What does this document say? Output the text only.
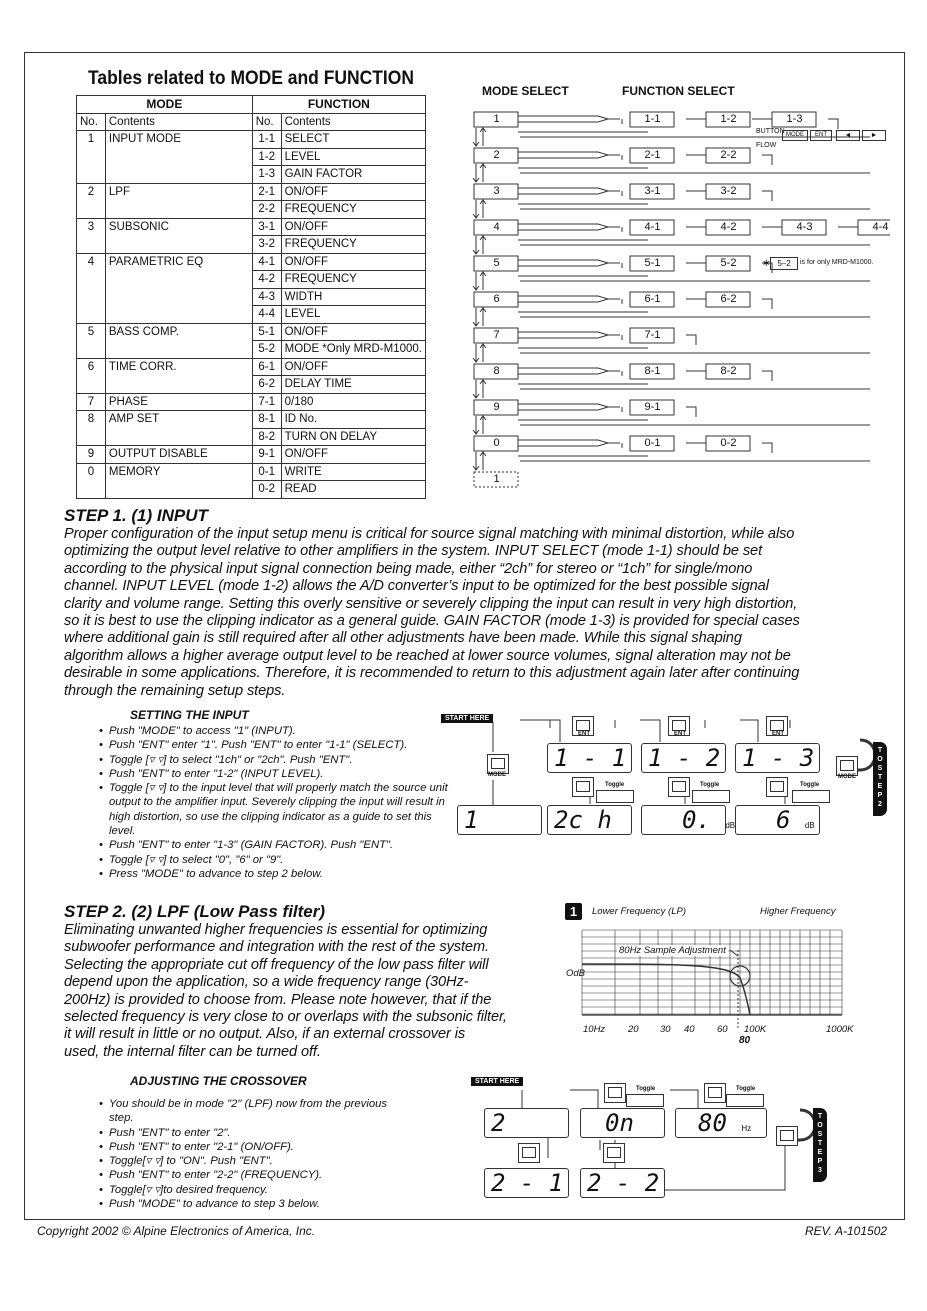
Tables related to MODE and FUNCTION
MODE		FUNCTION	
No.	Contents	No.	Contents
1	INPUT MODE	1-1	SELECT
		1-2	LEVEL
		1-3	GAIN FACTOR
2	LPF	2-1	ON/OFF
		2-2	FREQUENCY
3	SUBSONIC	3-1	ON/OFF
		3-2	FREQUENCY
4	PARAMETRIC EQ	4-1	ON/OFF
		4-2	FREQUENCY
		4-3	WIDTH
		4-4	LEVEL
5	BASS COMP.	5-1	ON/OFF
		5-2	MODE *Only MRD-M1000.
6	TIME CORR.	6-1	ON/OFF
		6-2	DELAY TIME
7	PHASE	7-1	0/180
8	AMP SET	8-1	ID No.
		8-2	TURN ON DELAY
9	OUTPUT DISABLE	9-1	ON/OFF
0	MEMORY	0-1	WRITE
		0-2	READ
MODE SELECT	FUNCTION SELECT
1	1-1	1-2	1-3
2	2-1	2-2
3	3-1	3-2
4	4-1	4-2	4-3	4-4
5	5-1	5-2
6	6-1	6-2
7	7-1
8	8-1	8-2
9	9-1
0	0-1	0-2
1
BUTTON
FLOW
MODE	ENT	◄	►
∗ 5–2	is for only MRD-M1000.
STEP 1. (1) INPUT
Proper configuration of the input setup menu is critical for source signal matching with minimal distortion, while also
optimizing the output level relative to other amplifiers in the system. INPUT SELECT (mode 1-1) should be set
according to the physical input signal connection being made, either “2ch” for stereo or “1ch” for single/mono
channel. INPUT LEVEL (mode 1-2) allows the A/D converter’s input to be optimized for the best possible signal
clarity and volume range. Setting this overly sensitive or severely clipping the input can result in very high distortion,
so it is best to use the clipping indicator as a general guide. GAIN FACTOR (mode 1-3) is provided for special cases
where additional gain is still required after all other adjustments have been made. While this signal shaping
algorithm allows a higher average output level to be reached at lower source volumes, signal alteration may not be
desirable in some applications. Therefore, it is recommended to return to this adjustment again later after continuing
through the remaining setup steps.
SETTING THE INPUT
• Push "MODE" to access "1" (INPUT).
• Push "ENT" enter "1". Push "ENT" to enter "1-1" (SELECT).
• Toggle [▿ ▿] to select "1ch" or "2ch". Push "ENT".
• Push "ENT" to enter "1-2" (INPUT LEVEL).
• Toggle [▿ ▿] to the input level that will properly match the source unit output to the amplifier input. Severely clipping the input will result in high distortion, so use the clipping indicator as a guide to set this level.
• Push "ENT" to enter "1-3" (GAIN FACTOR). Push "ENT".
• Toggle [▿ ▿] to select "0", "6" or "9".
• Press "MODE" to advance to step 2 below.
START HERE
MODE
ENT	ENT	ENT
1 - 1 1 - 2 1 - 3
Toggle	Toggle	Toggle
1	2c h	0. dB	6 dB
MODE
T
O
S
T
E
P
2
STEP 2. (2) LPF (Low Pass filter)
Eliminating unwanted higher frequencies is essential for optimizing
subwoofer performance and integration with the rest of the system.
Selecting the appropriate cut off frequency of the low pass filter will
depend upon the application, so a wide frequency range (30Hz-
200Hz) is provided to choose from. Please note however, that if the
selected frequency is very close to or overlaps with the subsonic filter,
it will result in little or no output. Also, if an external crossover is
used, the internal filter can be turned off.
1	Lower Frequency (LP)	Higher Frequency
80Hz Sample Adjustment
OdB
10Hz 20 30 40 60 100K	1000K
80
ADJUSTING THE CROSSOVER
• You should be in mode "2" (LPF) now from the previous step.
• Push "ENT" to enter "2".
• Push "ENT" to enter "2-1" (ON/OFF).
• Toggle[▿ ▿] to "ON". Push "ENT".
• Push "ENT" to enter "2-2" (FREQUENCY).
• Toggle[▿ ▿]to desired frequency.
• Push "MODE" to advance to step 3 below.
START HERE
Toggle	Toggle
2	0n	80 Hz
2 - 1 2 - 2
T
O
S
T
E
P
3
Copyright 2002 © Alpine Electronics of America, Inc.	REV. A-101502
